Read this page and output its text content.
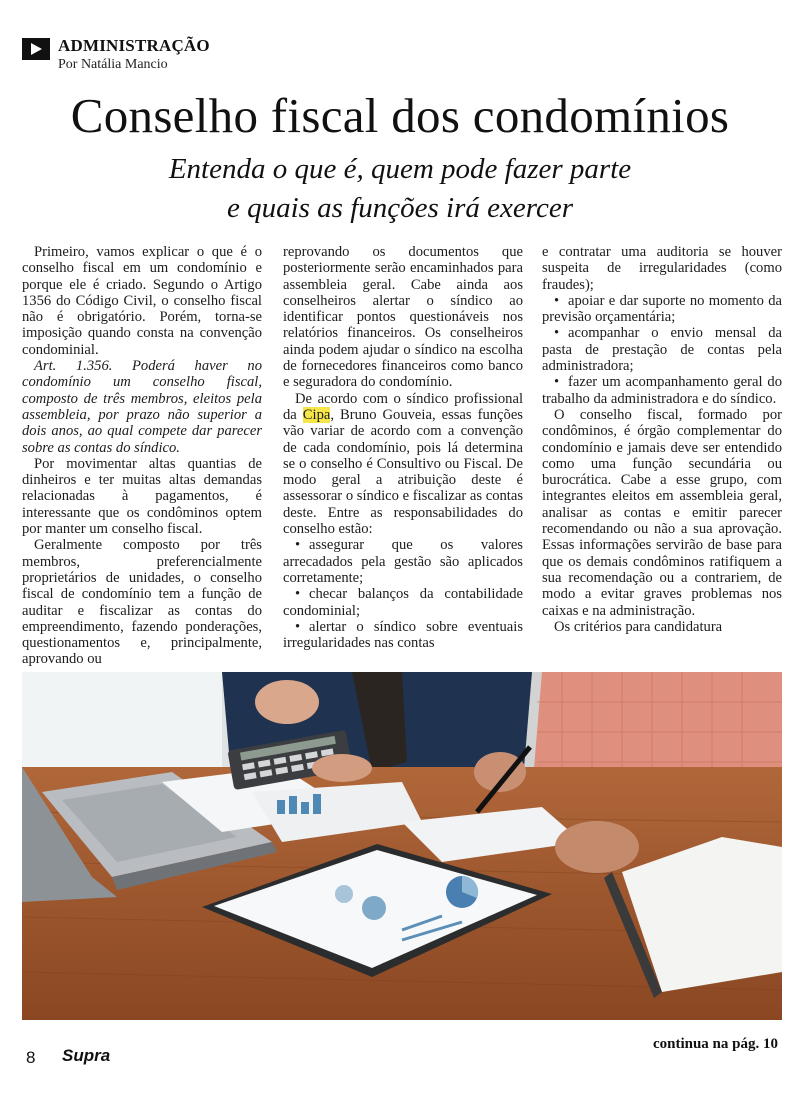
ADMINISTRAÇÃO
Por Natália Mancio
Conselho fiscal dos condomínios
Entenda o que é, quem pode fazer parte
e quais as funções irá exercer

Primeiro, vamos explicar o que é o conselho fiscal em um condomínio e porque ele é criado. Segundo o Artigo 1356 do Código Civil, o conselho fiscal não é obrigatório. Porém, torna-se imposição quando consta na convenção condominial.

Art. 1.356. Poderá haver no condomínio um conselho fiscal, composto de três membros, eleitos pela assembleia, por prazo não superior a dois anos, ao qual compete dar parecer sobre as contas do síndico.

Por movimentar altas quantias de dinheiros e ter muitas altas demandas relacionadas à pagamentos, é interessante que os condôminos optem por manter um conselho fiscal.

Geralmente composto por três membros, preferencialmente proprietários de unidades, o conselho fiscal de condomínio tem a função de auditar e fiscalizar as contas do empreendimento, fazendo ponderações, questionamentos e, principalmente, aprovando ou

reprovando os documentos que posteriormente serão encaminhados para assembleia geral. Cabe ainda aos conselheiros alertar o síndico ao identificar pontos questionáveis nos relatórios financeiros. Os conselheiros ainda podem ajudar o síndico na escolha de fornecedores financeiros como banco e seguradora do condomínio.

De acordo com o síndico profissional da Cipa, Bruno Gouveia, essas funções vão variar de acordo com a convenção de cada condomínio, pois lá determina se o conselho é Consultivo ou Fiscal. De modo geral a atribuição deste é assessorar o síndico e fiscalizar as contas deste. Entre as responsabilidades do conselho estão:

• assegurar que os valores arrecadados pela gestão são aplicados corretamente;

• checar balanços da contabilidade condominial;

• alertar o síndico sobre eventuais irregularidades nas contas

e contratar uma auditoria se houver suspeita de irregularidades (como fraudes);

• apoiar e dar suporte no momento da previsão orçamentária;

• acompanhar o envio mensal da pasta de prestação de contas pela administradora;

• fazer um acompanhamento geral do trabalho da administradora e do síndico.

O conselho fiscal, formado por condôminos, é órgão complementar do condomínio e jamais deve ser entendido como uma função secundária ou burocrática. Cabe a esse grupo, com integrantes eleitos em assembleia geral, analisar as contas e emitir parecer recomendando ou não a sua aprovação. Essas informações servirão de base para que os demais condôminos ratifiquem a sua recomendação ou a contrariem, de modo a evitar graves problemas nos caixas e na administração.

Os critérios para candidatura

8 Supra
continua na pág. 10
